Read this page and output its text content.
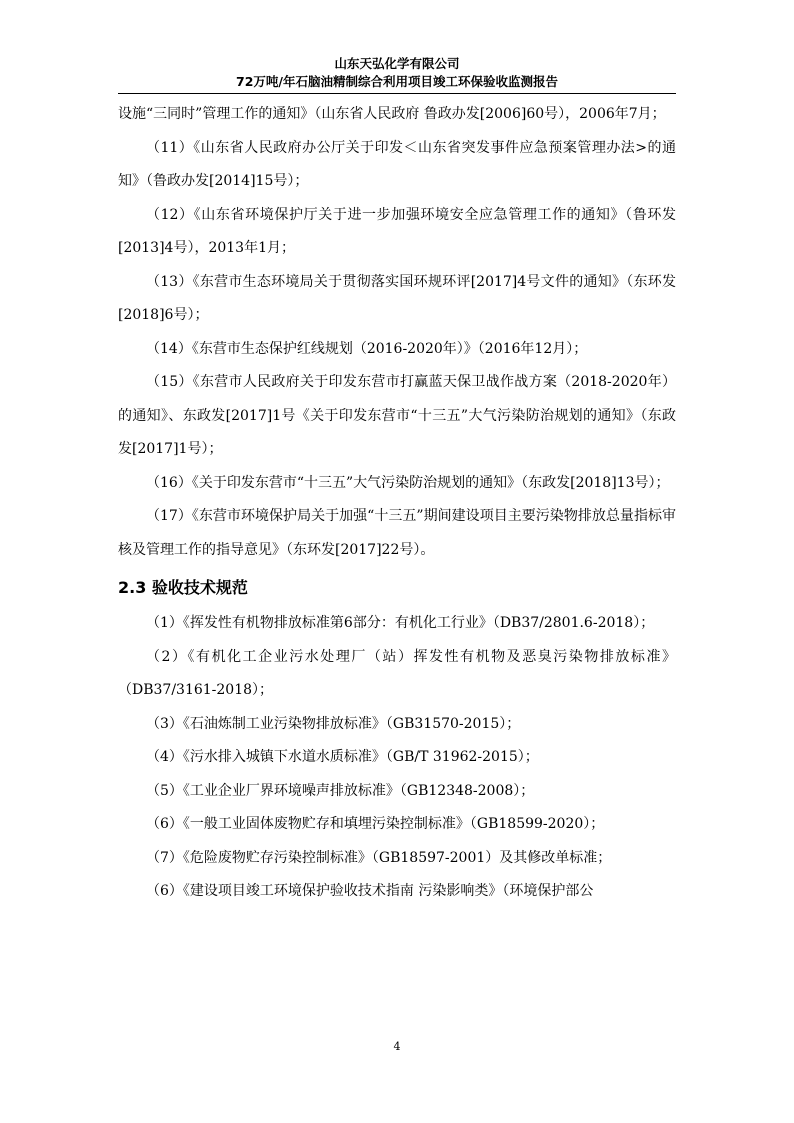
山东天弘化学有限公司
72万吨/年石脑油精制综合利用项目竣工环保验收监测报告

设施“三同时”管理工作的通知》（山东省人民政府 鲁政办发[2006]60号），2006年7月；

（11）《山东省人民政府办公厅关于印发＜山东省突发事件应急预案管理办法>的通知》（鲁政办发[2014]15号）；

（12）《山东省环境保护厅关于进一步加强环境安全应急管理工作的通知》（鲁环发[2013]4号），2013年1月；

（13）《东营市生态环境局关于贯彻落实国环规环评[2017]4号文件的通知》（东环发[2018]6号）；

（14）《东营市生态保护红线规划（2016-2020年）》（2016年12月）；

（15）《东营市人民政府关于印发东营市打赢蓝天保卫战作战方案（2018-2020年）的通知》、东政发[2017]1号《关于印发东营市“十三五”大气污染防治规划的通知》（东政发[2017]1号）；

（16）《关于印发东营市“十三五”大气污染防治规划的通知》（东政发[2018]13号）；

（17）《东营市环境保护局关于加强“十三五”期间建设项目主要污染物排放总量指标审核及管理工作的指导意见》（东环发[2017]22号）。

2.3 验收技术规范

（1）《挥发性有机物排放标准第6部分：有机化工行业》（DB37/2801.6-2018）；

（2）《有机化工企业污水处理厂（站）挥发性有机物及恶臭污染物排放标准》（DB37/3161-2018）；

（3）《石油炼制工业污染物排放标准》（GB31570-2015）；

（4）《污水排入城镇下水道水质标准》（GB/T 31962-2015）；

（5）《工业企业厂界环境噪声排放标准》（GB12348-2008）；

（6）《一般工业固体废物贮存和填埋污染控制标准》（GB18599-2020）；

（7）《危险废物贮存污染控制标准》（GB18597-2001）及其修改单标准；

（6）《建设项目竣工环境保护验收技术指南 污染影响类》（环境保护部公

4
